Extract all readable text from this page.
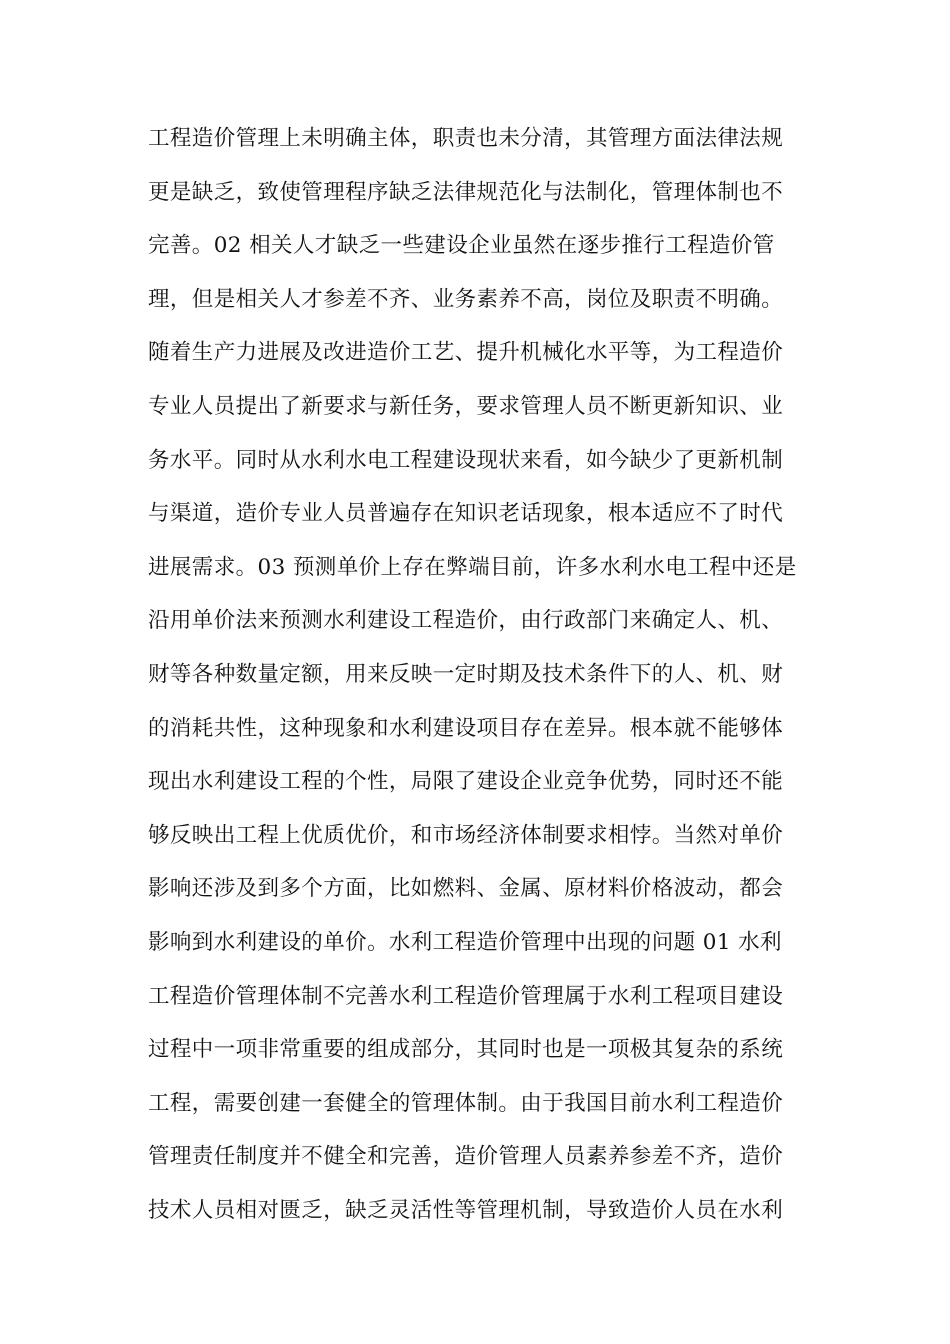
工程造价管理上未明确主体，职责也未分清，其管理方面法律法规
更是缺乏，致使管理程序缺乏法律规范化与法制化，管理体制也不
完善。02 相关人才缺乏一些建设企业虽然在逐步推行工程造价管
理，但是相关人才参差不齐、业务素养不高，岗位及职责不明确。
随着生产力进展及改进造价工艺、提升机械化水平等，为工程造价
专业人员提出了新要求与新任务，要求管理人员不断更新知识、业
务水平。同时从水利水电工程建设现状来看，如今缺少了更新机制
与渠道，造价专业人员普遍存在知识老话现象，根本适应不了时代
进展需求。03 预测单价上存在弊端目前，许多水利水电工程中还是
沿用单价法来预测水利建设工程造价，由行政部门来确定人、机、
财等各种数量定额，用来反映一定时期及技术条件下的人、机、财
的消耗共性，这种现象和水利建设项目存在差异。根本就不能够体
现出水利建设工程的个性，局限了建设企业竞争优势，同时还不能
够反映出工程上优质优价，和市场经济体制要求相悖。当然对单价
影响还涉及到多个方面，比如燃料、金属、原材料价格波动，都会
影响到水利建设的单价。水利工程造价管理中出现的问题 01 水利
工程造价管理体制不完善水利工程造价管理属于水利工程项目建设
过程中一项非常重要的组成部分，其同时也是一项极其复杂的系统
工程，需要创建一套健全的管理体制。由于我国目前水利工程造价
管理责任制度并不健全和完善，造价管理人员素养参差不齐，造价
技术人员相对匮乏，缺乏灵活性等管理机制，导致造价人员在水利
